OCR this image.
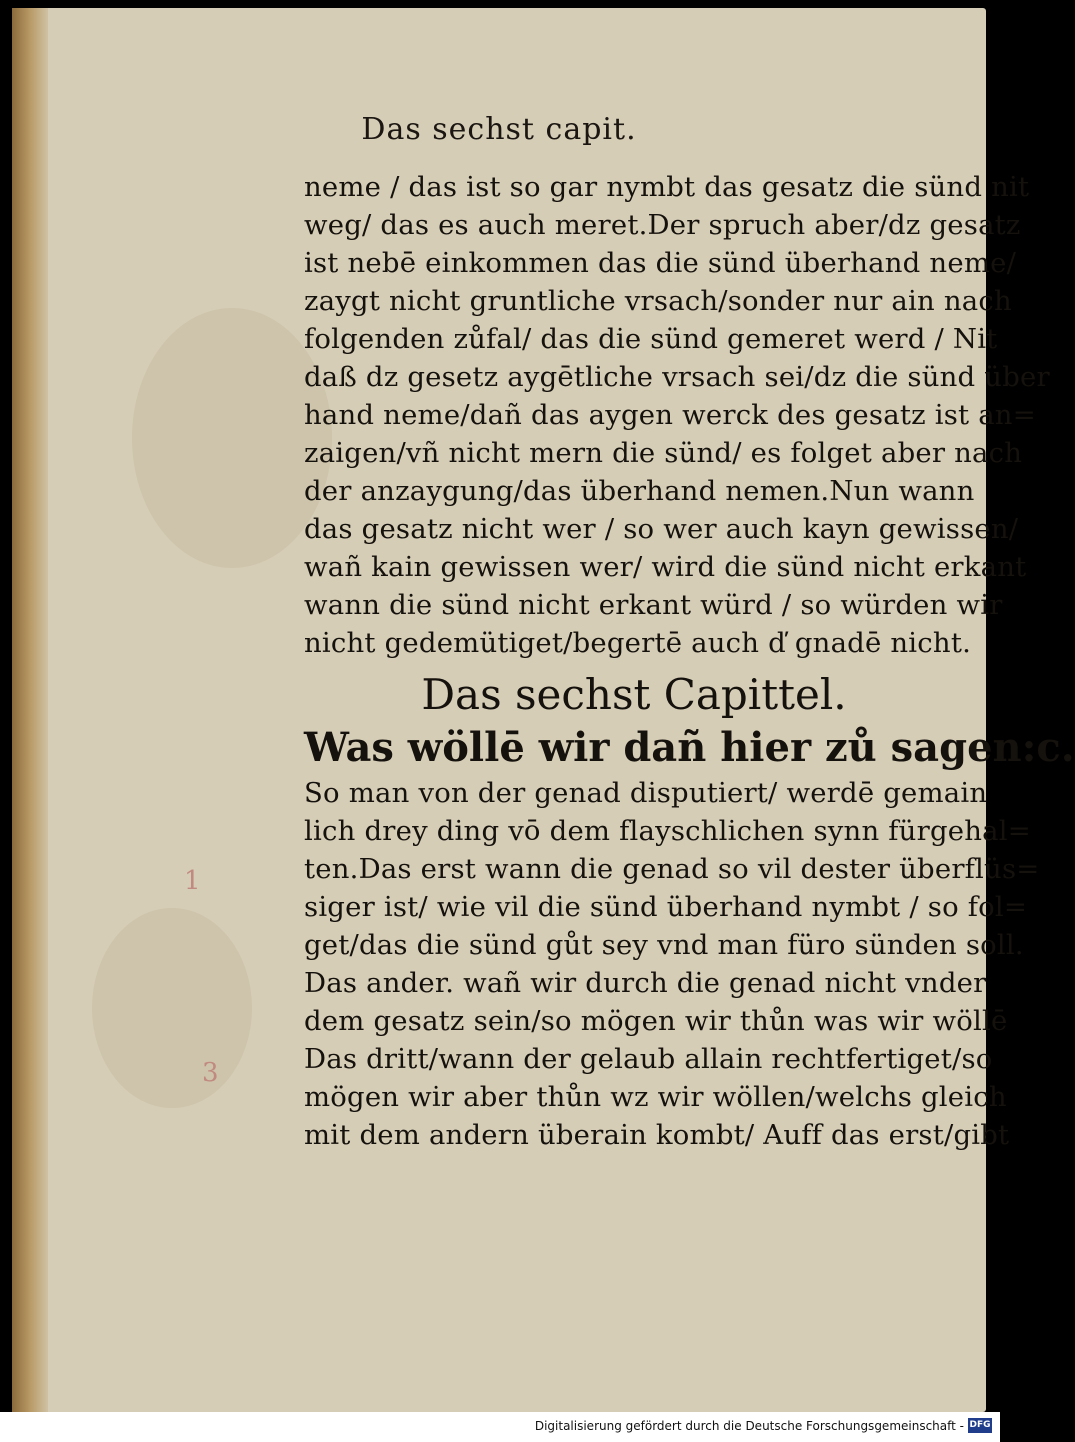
Das sechst capit.
1
3
neme / das ist so gar nymbt das gesatz die sünd nit
weg/ das es auch meret.Der spruch aber/dz gesatz
ist nebē einkommen das die sünd überhand neme/
zaygt nicht gruntliche vrsach/sonder nur ain nach
folgenden zůfal/ das die sünd gemeret werd / Nit
daß dz gesetz aygētliche vrsach sei/dz die sünd über
hand neme/dañ das aygen werck des gesatz ist an=
zaigen/vñ nicht mern die sünd/ es folget aber nach
der anzaygung/das überhand nemen.Nun wann
das gesatz nicht wer / so wer auch kayn gewissen/
wañ kain gewissen wer/ wird die sünd nicht erkant
wann die sünd nicht erkant würd / so würden wir
nicht gedemütiget/begertē auch ď gnadē nicht.
Das sechst Capittel.
Was wöllē wir dañ hier zů sagen:c.
So man von der genad disputiert/ werdē gemain
lich drey ding vō dem flayschlichen synn fürgehal=
ten.Das erst wann die genad so vil dester überflüs=
siger ist/ wie vil die sünd überhand nymbt / so fol=
get/das die sünd gůt sey vnd man füro sünden soll.
Das ander. wañ wir durch die genad nicht vnder
dem gesatz sein/so mögen wir thůn was wir wöllē
Das dritt/wann der gelaub allain rechtfertiget/so
mögen wir aber thůn wz wir wöllen/welchs gleich
mit dem andern überain kombt/ Auff das erst/gibt
Digitalisierung gefördert durch die Deutsche Forschungsgemeinschaft - DFG
